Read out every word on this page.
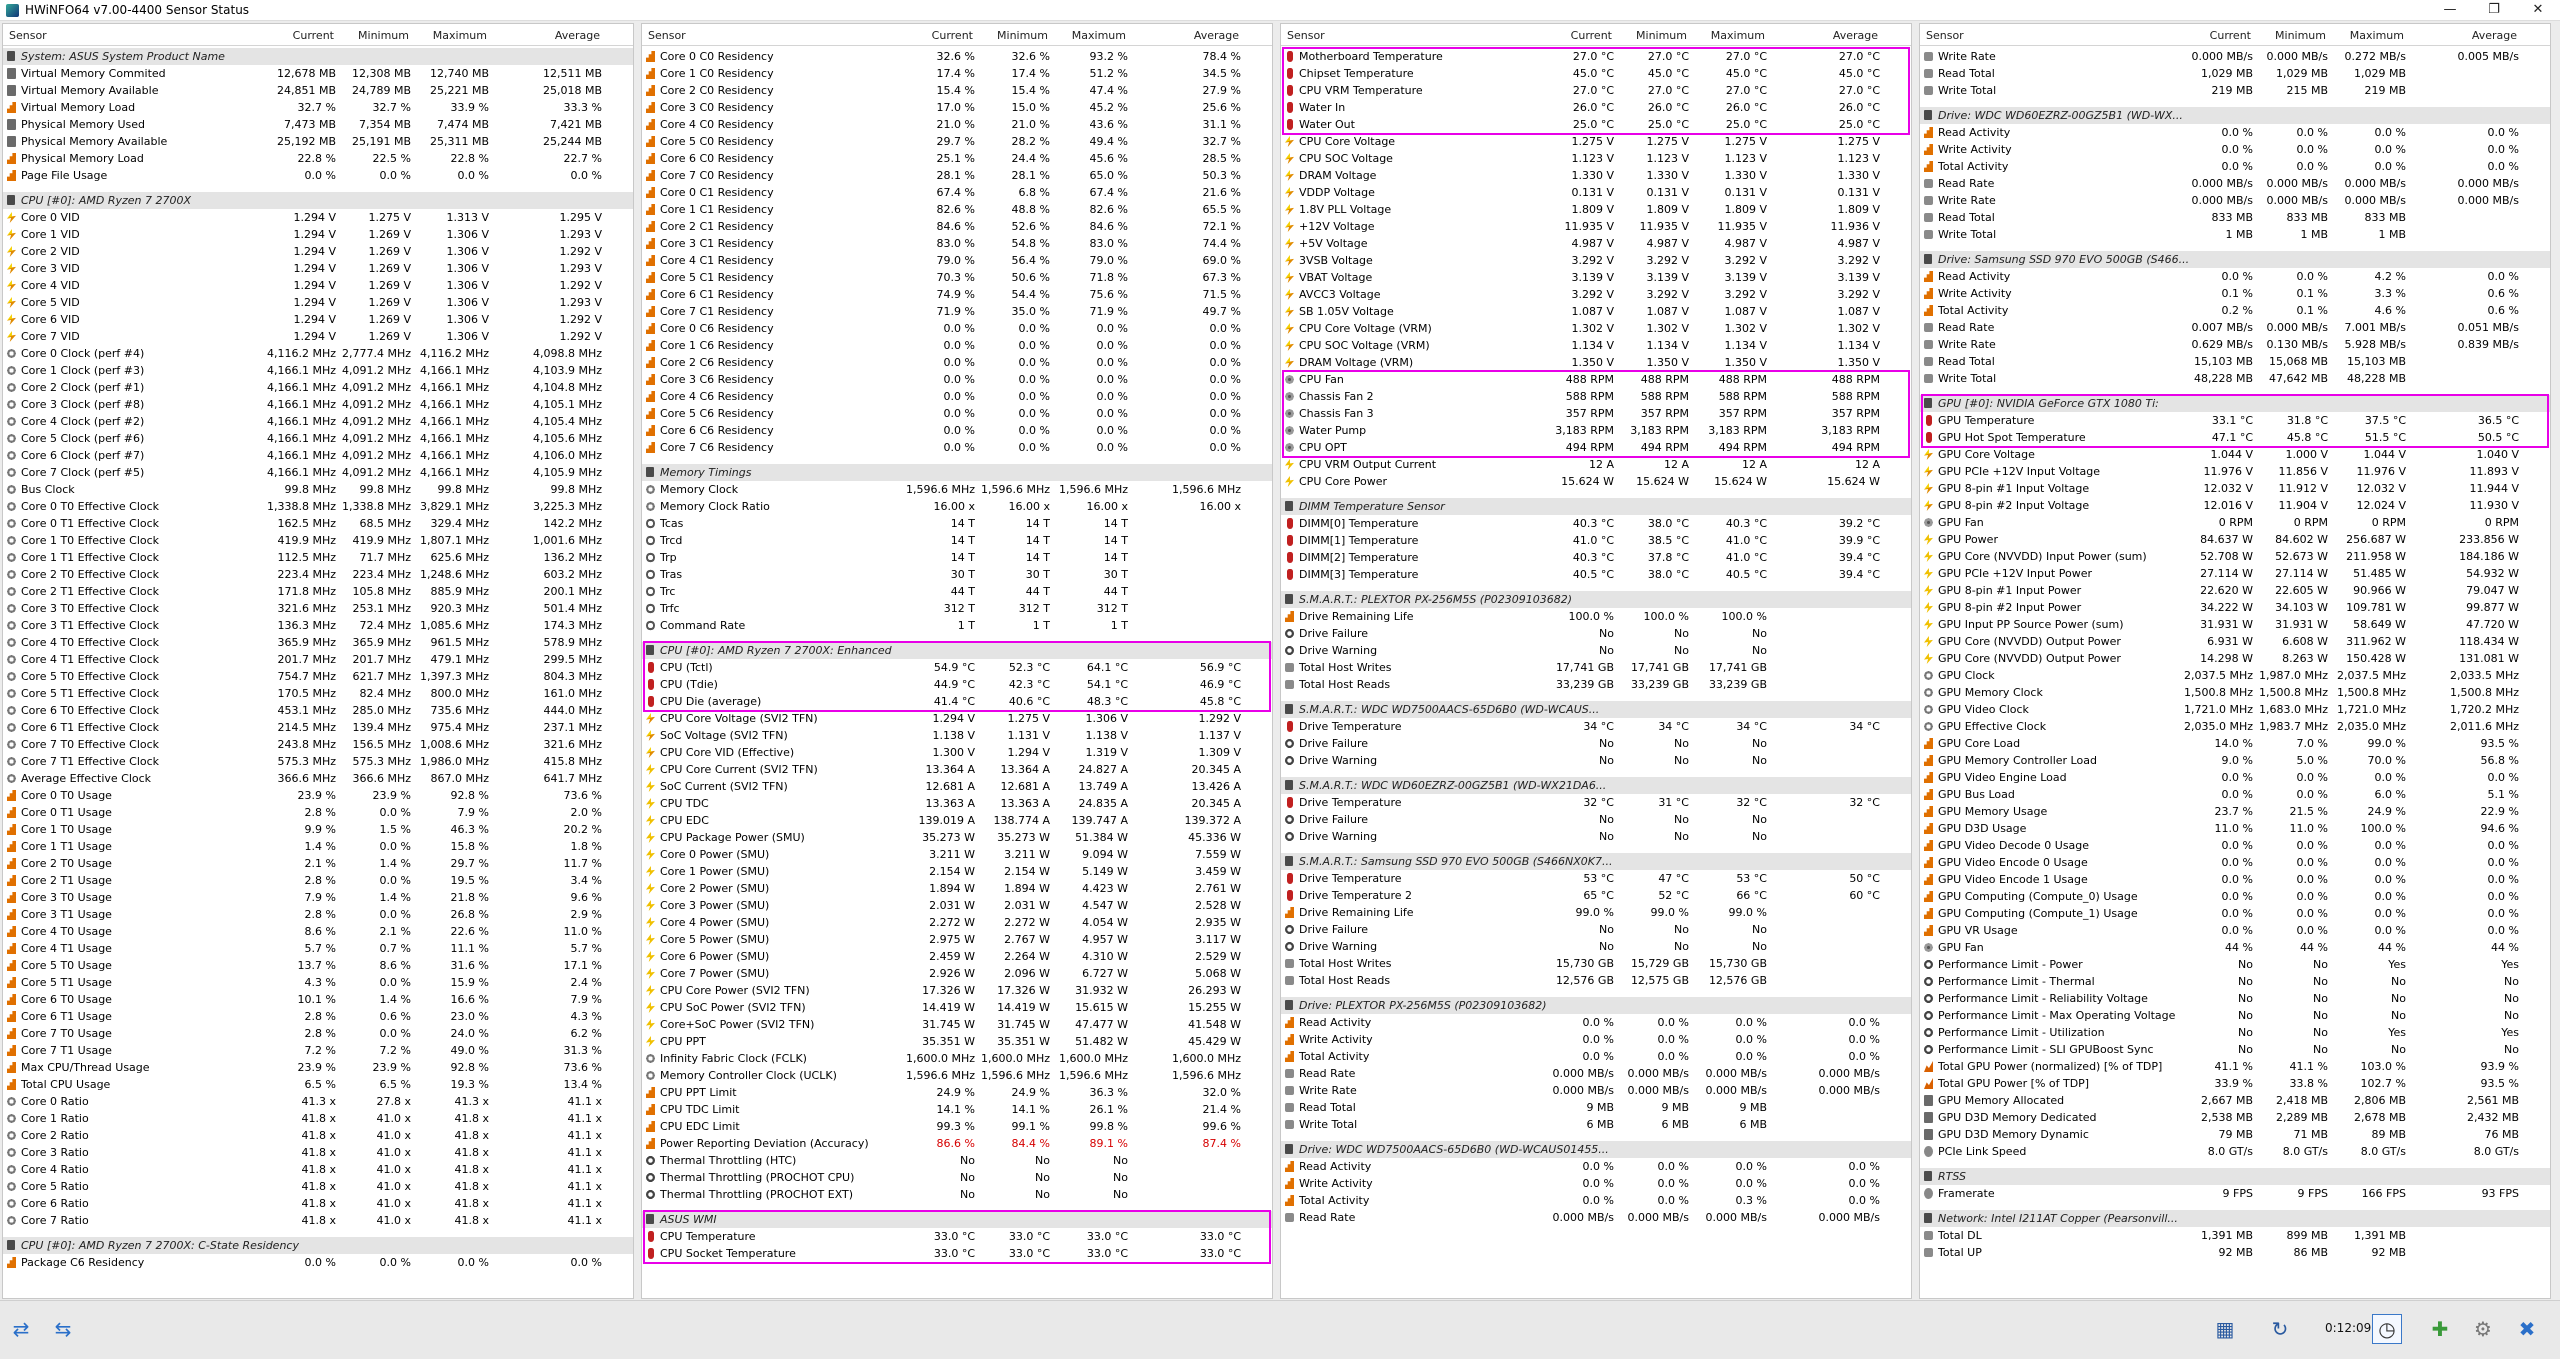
HWiNFO64 v7.00-4400 Sensor Status	—	❐	✕
Sensor	Current Minimum Maximum	Average
System: ASUS System Product Name
Virtual Memory Commited	12,678 MB 12,308 MB 12,740 MB	12,511 MB
Virtual Memory Available	24,851 MB 24,789 MB 25,221 MB	25,018 MB
Virtual Memory Load	32.7 %	32.7 %	33.9 %	33.3 %
Physical Memory Used	7,473 MB 7,354 MB 7,474 MB	7,421 MB
Physical Memory Available	25,192 MB 25,191 MB 25,311 MB	25,244 MB
Physical Memory Load	22.8 %	22.5 %	22.8 %	22.7 %
Page File Usage	0.0 %	0.0 %	0.0 %	0.0 %
CPU [#0]: AMD Ryzen 7 2700X
Core 0 VID	1.294 V	1.275 V	1.313 V	1.295 V
Core 1 VID	1.294 V	1.269 V	1.306 V	1.293 V
Core 2 VID	1.294 V	1.269 V	1.306 V	1.292 V
Core 3 VID	1.294 V	1.269 V	1.306 V	1.293 V
Core 4 VID	1.294 V	1.269 V	1.306 V	1.292 V
Core 5 VID	1.294 V	1.269 V	1.306 V	1.293 V
Core 6 VID	1.294 V	1.269 V	1.306 V	1.292 V
Core 7 VID	1.294 V	1.269 V	1.306 V	1.292 V
Core 0 Clock (perf #4)	4,116.2 MHz 2,777.4 MHz 4,116.2 MHz	4,098.8 MHz
Core 1 Clock (perf #3)	4,166.1 MHz 4,091.2 MHz 4,166.1 MHz	4,103.9 MHz
Core 2 Clock (perf #1)	4,166.1 MHz 4,091.2 MHz 4,166.1 MHz	4,104.8 MHz
Core 3 Clock (perf #8)	4,166.1 MHz 4,091.2 MHz 4,166.1 MHz	4,105.1 MHz
Core 4 Clock (perf #2)	4,166.1 MHz 4,091.2 MHz 4,166.1 MHz	4,105.4 MHz
Core 5 Clock (perf #6)	4,166.1 MHz 4,091.2 MHz 4,166.1 MHz	4,105.6 MHz
Core 6 Clock (perf #7)	4,166.1 MHz 4,091.2 MHz 4,166.1 MHz	4,106.0 MHz
Core 7 Clock (perf #5)	4,166.1 MHz 4,091.2 MHz 4,166.1 MHz	4,105.9 MHz
Bus Clock	99.8 MHz 99.8 MHz 99.8 MHz	99.8 MHz
Core 0 T0 Effective Clock	1,338.8 MHz 1,338.8 MHz 3,829.1 MHz	3,225.3 MHz
Core 0 T1 Effective Clock	162.5 MHz 68.5 MHz 329.4 MHz	142.2 MHz
Core 1 T0 Effective Clock	419.9 MHz 419.9 MHz 1,807.1 MHz	1,001.6 MHz
Core 1 T1 Effective Clock	112.5 MHz 71.7 MHz 625.6 MHz	136.2 MHz
Core 2 T0 Effective Clock	223.4 MHz 223.4 MHz 1,248.6 MHz	603.2 MHz
Core 2 T1 Effective Clock	171.8 MHz 105.8 MHz 885.9 MHz	200.1 MHz
Core 3 T0 Effective Clock	321.6 MHz 253.1 MHz 920.3 MHz	501.4 MHz
Core 3 T1 Effective Clock	136.3 MHz 72.4 MHz 1,085.6 MHz	174.3 MHz
Core 4 T0 Effective Clock	365.9 MHz 365.9 MHz 961.5 MHz	578.9 MHz
Core 4 T1 Effective Clock	201.7 MHz 201.7 MHz 479.1 MHz	299.5 MHz
Core 5 T0 Effective Clock	754.7 MHz 621.7 MHz 1,397.3 MHz	804.3 MHz
Core 5 T1 Effective Clock	170.5 MHz 82.4 MHz 800.0 MHz	161.0 MHz
Core 6 T0 Effective Clock	453.1 MHz 285.0 MHz 735.6 MHz	444.0 MHz
Core 6 T1 Effective Clock	214.5 MHz 139.4 MHz 975.4 MHz	237.1 MHz
Core 7 T0 Effective Clock	243.8 MHz 156.5 MHz 1,008.6 MHz	321.6 MHz
Core 7 T1 Effective Clock	575.3 MHz 575.3 MHz 1,986.0 MHz	415.8 MHz
Average Effective Clock	366.6 MHz 366.6 MHz 867.0 MHz	641.7 MHz
Core 0 T0 Usage	23.9 %	23.9 %	92.8 %	73.6 %
Core 0 T1 Usage	2.8 %	0.0 %	7.9 %	2.0 %
Core 1 T0 Usage	9.9 %	1.5 %	46.3 %	20.2 %
Core 1 T1 Usage	1.4 %	0.0 %	15.8 %	1.8 %
Core 2 T0 Usage	2.1 %	1.4 %	29.7 %	11.7 %
Core 2 T1 Usage	2.8 %	0.0 %	19.5 %	3.4 %
Core 3 T0 Usage	7.9 %	1.4 %	21.8 %	9.6 %
Core 3 T1 Usage	2.8 %	0.0 %	26.8 %	2.9 %
Core 4 T0 Usage	8.6 %	2.1 %	22.6 %	11.0 %
Core 4 T1 Usage	5.7 %	0.7 %	11.1 %	5.7 %
Core 5 T0 Usage	13.7 %	8.6 %	31.6 %	17.1 %
Core 5 T1 Usage	4.3 %	0.0 %	15.9 %	2.4 %
Core 6 T0 Usage	10.1 %	1.4 %	16.6 %	7.9 %
Core 6 T1 Usage	2.8 %	0.6 %	23.0 %	4.3 %
Core 7 T0 Usage	2.8 %	0.0 %	24.0 %	6.2 %
Core 7 T1 Usage	7.2 %	7.2 %	49.0 %	31.3 %
Max CPU/Thread Usage	23.9 %	23.9 %	92.8 %	73.6 %
Total CPU Usage	6.5 %	6.5 %	19.3 %	13.4 %
Core 0 Ratio	41.3 x	27.8 x	41.3 x	41.1 x
Core 1 Ratio	41.8 x	41.0 x	41.8 x	41.1 x
Core 2 Ratio	41.8 x	41.0 x	41.8 x	41.1 x
Core 3 Ratio	41.8 x	41.0 x	41.8 x	41.1 x
Core 4 Ratio	41.8 x	41.0 x	41.8 x	41.1 x
Core 5 Ratio	41.8 x	41.0 x	41.8 x	41.1 x
Core 6 Ratio	41.8 x	41.0 x	41.8 x	41.1 x
Core 7 Ratio	41.8 x	41.0 x	41.8 x	41.1 x
CPU [#0]: AMD Ryzen 7 2700X: C-State Residency
Package C6 Residency	0.0 %	0.0 %	0.0 %	0.0 %
Sensor	Current Minimum Maximum	Average
Core 0 C0 Residency	32.6 %	32.6 %	93.2 %	78.4 %
Core 1 C0 Residency	17.4 %	17.4 %	51.2 %	34.5 %
Core 2 C0 Residency	15.4 %	15.4 %	47.4 %	27.9 %
Core 3 C0 Residency	17.0 %	15.0 %	45.2 %	25.6 %
Core 4 C0 Residency	21.0 %	21.0 %	43.6 %	31.1 %
Core 5 C0 Residency	29.7 %	28.2 %	49.4 %	32.7 %
Core 6 C0 Residency	25.1 %	24.4 %	45.6 %	28.5 %
Core 7 C0 Residency	28.1 %	28.1 %	65.0 %	50.3 %
Core 0 C1 Residency	67.4 %	6.8 %	67.4 %	21.6 %
Core 1 C1 Residency	82.6 %	48.8 %	82.6 %	65.5 %
Core 2 C1 Residency	84.6 %	52.6 %	84.6 %	72.1 %
Core 3 C1 Residency	83.0 %	54.8 %	83.0 %	74.4 %
Core 4 C1 Residency	79.0 %	56.4 %	79.0 %	69.0 %
Core 5 C1 Residency	70.3 %	50.6 %	71.8 %	67.3 %
Core 6 C1 Residency	74.9 %	54.4 %	75.6 %	71.5 %
Core 7 C1 Residency	71.9 %	35.0 %	71.9 %	49.7 %
Core 0 C6 Residency	0.0 %	0.0 %	0.0 %	0.0 %
Core 1 C6 Residency	0.0 %	0.0 %	0.0 %	0.0 %
Core 2 C6 Residency	0.0 %	0.0 %	0.0 %	0.0 %
Core 3 C6 Residency	0.0 %	0.0 %	0.0 %	0.0 %
Core 4 C6 Residency	0.0 %	0.0 %	0.0 %	0.0 %
Core 5 C6 Residency	0.0 %	0.0 %	0.0 %	0.0 %
Core 6 C6 Residency	0.0 %	0.0 %	0.0 %	0.0 %
Core 7 C6 Residency	0.0 %	0.0 %	0.0 %	0.0 %
Memory Timings
Memory Clock	1,596.6 MHz 1,596.6 MHz 1,596.6 MHz	1,596.6 MHz
Memory Clock Ratio	16.00 x	16.00 x	16.00 x	16.00 x
Tcas	14 T	14 T	14 T
Trcd	14 T	14 T	14 T
Trp	14 T	14 T	14 T
Tras	30 T	30 T	30 T
Trc	44 T	44 T	44 T
Trfc	312 T	312 T	312 T
Command Rate	1 T	1 T	1 T
CPU [#0]: AMD Ryzen 7 2700X: Enhanced
CPU (Tctl)	54.9 °C	52.3 °C	64.1 °C	56.9 °C
CPU (Tdie)	44.9 °C	42.3 °C	54.1 °C	46.9 °C
CPU Die (average)	41.4 °C	40.6 °C	48.3 °C	45.8 °C
CPU Core Voltage (SVI2 TFN)	1.294 V	1.275 V	1.306 V	1.292 V
SoC Voltage (SVI2 TFN)	1.138 V	1.131 V	1.138 V	1.137 V
CPU Core VID (Effective)	1.300 V	1.294 V	1.319 V	1.309 V
CPU Core Current (SVI2 TFN)	13.364 A 13.364 A	24.827 A	20.345 A
SoC Current (SVI2 TFN)	12.681 A 12.681 A	13.749 A	13.426 A
CPU TDC	13.363 A 13.363 A	24.835 A	20.345 A
CPU EDC	139.019 A 138.774 A 139.747 A	139.372 A
CPU Package Power (SMU)	35.273 W 35.273 W 51.384 W	45.336 W
Core 0 Power (SMU)	3.211 W	3.211 W	9.094 W	7.559 W
Core 1 Power (SMU)	2.154 W	2.154 W	5.149 W	3.459 W
Core 2 Power (SMU)	1.894 W	1.894 W	4.423 W	2.761 W
Core 3 Power (SMU)	2.031 W	2.031 W	4.547 W	2.528 W
Core 4 Power (SMU)	2.272 W	2.272 W	4.054 W	2.935 W
Core 5 Power (SMU)	2.975 W	2.767 W	4.957 W	3.117 W
Core 6 Power (SMU)	2.459 W	2.264 W	4.310 W	2.529 W
Core 7 Power (SMU)	2.926 W	2.096 W	6.727 W	5.068 W
CPU Core Power (SVI2 TFN)	17.326 W 17.326 W 31.932 W	26.293 W
CPU SoC Power (SVI2 TFN)	14.419 W 14.419 W 15.615 W	15.255 W
Core+SoC Power (SVI2 TFN)	31.745 W 31.745 W 47.477 W	41.548 W
CPU PPT	35.351 W 35.351 W 51.482 W	45.429 W
Infinity Fabric Clock (FCLK)	1,600.0 MHz 1,600.0 MHz 1,600.0 MHz	1,600.0 MHz
Memory Controller Clock (UCLK)	1,596.6 MHz 1,596.6 MHz 1,596.6 MHz	1,596.6 MHz
CPU PPT Limit	24.9 %	24.9 %	36.3 %	32.0 %
CPU TDC Limit	14.1 %	14.1 %	26.1 %	21.4 %
CPU EDC Limit	99.3 %	99.1 %	99.8 %	99.6 %
Power Reporting Deviation (Accuracy)	86.6 %	84.4 %	89.1 %	87.4 %
Thermal Throttling (HTC)	No	No	No
Thermal Throttling (PROCHOT CPU)	No	No	No
Thermal Throttling (PROCHOT EXT)	No	No	No
ASUS WMI
CPU Temperature	33.0 °C	33.0 °C	33.0 °C	33.0 °C
CPU Socket Temperature	33.0 °C	33.0 °C	33.0 °C	33.0 °C
Sensor	Current Minimum Maximum	Average
Motherboard Temperature	27.0 °C	27.0 °C	27.0 °C	27.0 °C
Chipset Temperature	45.0 °C	45.0 °C	45.0 °C	45.0 °C
CPU VRM Temperature	27.0 °C	27.0 °C	27.0 °C	27.0 °C
Water In	26.0 °C	26.0 °C	26.0 °C	26.0 °C
Water Out	25.0 °C	25.0 °C	25.0 °C	25.0 °C
CPU Core Voltage	1.275 V	1.275 V	1.275 V	1.275 V
CPU SOC Voltage	1.123 V	1.123 V	1.123 V	1.123 V
DRAM Voltage	1.330 V	1.330 V	1.330 V	1.330 V
VDDP Voltage	0.131 V	0.131 V	0.131 V	0.131 V
1.8V PLL Voltage	1.809 V	1.809 V	1.809 V	1.809 V
+12V Voltage	11.935 V 11.935 V	11.935 V	11.936 V
+5V Voltage	4.987 V	4.987 V	4.987 V	4.987 V
3VSB Voltage	3.292 V	3.292 V	3.292 V	3.292 V
VBAT Voltage	3.139 V	3.139 V	3.139 V	3.139 V
AVCC3 Voltage	3.292 V	3.292 V	3.292 V	3.292 V
SB 1.05V Voltage	1.087 V	1.087 V	1.087 V	1.087 V
CPU Core Voltage (VRM)	1.302 V	1.302 V	1.302 V	1.302 V
CPU SOC Voltage (VRM)	1.134 V	1.134 V	1.134 V	1.134 V
DRAM Voltage (VRM)	1.350 V	1.350 V	1.350 V	1.350 V
CPU Fan	488 RPM 488 RPM	488 RPM	488 RPM
Chassis Fan 2	588 RPM 588 RPM	588 RPM	588 RPM
Chassis Fan 3	357 RPM 357 RPM	357 RPM	357 RPM
Water Pump	3,183 RPM 3,183 RPM 3,183 RPM	3,183 RPM
CPU OPT	494 RPM 494 RPM	494 RPM	494 RPM
CPU VRM Output Current	12 A	12 A	12 A	12 A
CPU Core Power	15.624 W 15.624 W 15.624 W	15.624 W
DIMM Temperature Sensor
DIMM[0] Temperature	40.3 °C	38.0 °C	40.3 °C	39.2 °C
DIMM[1] Temperature	41.0 °C	38.5 °C	41.0 °C	39.9 °C
DIMM[2] Temperature	40.3 °C	37.8 °C	41.0 °C	39.4 °C
DIMM[3] Temperature	40.5 °C	38.0 °C	40.5 °C	39.4 °C
S.M.A.R.T.: PLEXTOR PX-256M5S (P02309103682)
Drive Remaining Life	100.0 %	100.0 %	100.0 %
Drive Failure	No	No	No
Drive Warning	No	No	No
Total Host Writes	17,741 GB 17,741 GB 17,741 GB
Total Host Reads	33,239 GB 33,239 GB 33,239 GB
S.M.A.R.T.: WDC WD7500AACS-65D6B0 (WD-WCAUS...
Drive Temperature	34 °C	34 °C	34 °C	34 °C
Drive Failure	No	No	No
Drive Warning	No	No	No
S.M.A.R.T.: WDC WD60EZRZ-00GZ5B1 (WD-WX21DA6...
Drive Temperature	32 °C	31 °C	32 °C	32 °C
Drive Failure	No	No	No
Drive Warning	No	No	No
S.M.A.R.T.: Samsung SSD 970 EVO 500GB (S466NX0K7...
Drive Temperature	53 °C	47 °C	53 °C	50 °C
Drive Temperature 2	65 °C	52 °C	66 °C	60 °C
Drive Remaining Life	99.0 %	99.0 %	99.0 %
Drive Failure	No	No	No
Drive Warning	No	No	No
Total Host Writes	15,730 GB 15,729 GB 15,730 GB
Total Host Reads	12,576 GB 12,575 GB 12,576 GB
Drive: PLEXTOR PX-256M5S (P02309103682)
Read Activity	0.0 %	0.0 %	0.0 %	0.0 %
Write Activity	0.0 %	0.0 %	0.0 %	0.0 %
Total Activity	0.0 %	0.0 %	0.0 %	0.0 %
Read Rate	0.000 MB/s 0.000 MB/s 0.000 MB/s	0.000 MB/s
Write Rate	0.000 MB/s 0.000 MB/s 0.000 MB/s	0.000 MB/s
Read Total	9 MB	9 MB	9 MB
Write Total	6 MB	6 MB	6 MB
Drive: WDC WD7500AACS-65D6B0 (WD-WCAUS01455...
Read Activity	0.0 %	0.0 %	0.0 %	0.0 %
Write Activity	0.0 %	0.0 %	0.0 %	0.0 %
Total Activity	0.0 %	0.0 %	0.3 %	0.0 %
Read Rate	0.000 MB/s 0.000 MB/s 0.000 MB/s	0.000 MB/s
Sensor	Current Minimum Maximum	Average
Write Rate	0.000 MB/s 0.000 MB/s 0.272 MB/s	0.005 MB/s
Read Total	1,029 MB 1,029 MB 1,029 MB
Write Total	219 MB	215 MB	219 MB
Drive: WDC WD60EZRZ-00GZ5B1 (WD-WX...
Read Activity	0.0 %	0.0 %	0.0 %	0.0 %
Write Activity	0.0 %	0.0 %	0.0 %	0.0 %
Total Activity	0.0 %	0.0 %	0.0 %	0.0 %
Read Rate	0.000 MB/s 0.000 MB/s 0.000 MB/s	0.000 MB/s
Write Rate	0.000 MB/s 0.000 MB/s 0.000 MB/s	0.000 MB/s
Read Total	833 MB	833 MB	833 MB
Write Total	1 MB	1 MB	1 MB
Drive: Samsung SSD 970 EVO 500GB (S466...
Read Activity	0.0 %	0.0 %	4.2 %	0.0 %
Write Activity	0.1 %	0.1 %	3.3 %	0.6 %
Total Activity	0.2 %	0.1 %	4.6 %	0.6 %
Read Rate	0.007 MB/s 0.000 MB/s 7.001 MB/s	0.051 MB/s
Write Rate	0.629 MB/s 0.130 MB/s 5.928 MB/s	0.839 MB/s
Read Total	15,103 MB 15,068 MB 15,103 MB
Write Total	48,228 MB 47,642 MB 48,228 MB
GPU [#0]: NVIDIA GeForce GTX 1080 Ti:
GPU Temperature	33.1 °C	31.8 °C	37.5 °C	36.5 °C
GPU Hot Spot Temperature	47.1 °C	45.8 °C	51.5 °C	50.5 °C
GPU Core Voltage	1.044 V	1.000 V	1.044 V	1.040 V
GPU PCIe +12V Input Voltage	11.976 V 11.856 V	11.976 V	11.893 V
GPU 8-pin #1 Input Voltage	12.032 V 11.912 V	12.032 V	11.944 V
GPU 8-pin #2 Input Voltage	12.016 V 11.904 V	12.024 V	11.930 V
GPU Fan	0 RPM	0 RPM	0 RPM	0 RPM
GPU Power	84.637 W 84.602 W 256.687 W	233.856 W
GPU Core (NVVDD) Input Power (sum)	52.708 W 52.673 W 211.958 W	184.186 W
GPU PCIe +12V Input Power	27.114 W 27.114 W 51.485 W	54.932 W
GPU 8-pin #1 Input Power	22.620 W 22.605 W 90.966 W	79.047 W
GPU 8-pin #2 Input Power	34.222 W 34.103 W 109.781 W	99.877 W
GPU Input PP Source Power (sum)	31.931 W 31.931 W 58.649 W	47.720 W
GPU Core (NVVDD) Output Power	6.931 W	6.608 W 311.962 W	118.434 W
GPU Core (NVVDD) Output Power	14.298 W	8.263 W 150.428 W	131.081 W
GPU Clock	2,037.5 MHz 1,987.0 MHz 2,037.5 MHz	2,033.5 MHz
GPU Memory Clock	1,500.8 MHz 1,500.8 MHz 1,500.8 MHz	1,500.8 MHz
GPU Video Clock	1,721.0 MHz 1,683.0 MHz 1,721.0 MHz	1,720.2 MHz
GPU Effective Clock	2,035.0 MHz 1,983.7 MHz 2,035.0 MHz	2,011.6 MHz
GPU Core Load	14.0 %	7.0 %	99.0 %	93.5 %
GPU Memory Controller Load	9.0 %	5.0 %	70.0 %	56.8 %
GPU Video Engine Load	0.0 %	0.0 %	0.0 %	0.0 %
GPU Bus Load	0.0 %	0.0 %	6.0 %	5.1 %
GPU Memory Usage	23.7 %	21.5 %	24.9 %	22.9 %
GPU D3D Usage	11.0 %	11.0 %	100.0 %	94.6 %
GPU Video Decode 0 Usage	0.0 %	0.0 %	0.0 %	0.0 %
GPU Video Encode 0 Usage	0.0 %	0.0 %	0.0 %	0.0 %
GPU Video Encode 1 Usage	0.0 %	0.0 %	0.0 %	0.0 %
GPU Computing (Compute_0) Usage	0.0 %	0.0 %	0.0 %	0.0 %
GPU Computing (Compute_1) Usage	0.0 %	0.0 %	0.0 %	0.0 %
GPU VR Usage	0.0 %	0.0 %	0.0 %	0.0 %
GPU Fan	44 %	44 %	44 %	44 %
Performance Limit - Power	No	No	Yes	Yes
Performance Limit - Thermal	No	No	No	No
Performance Limit - Reliability Voltage	No	No	No	No
Performance Limit - Max Operating Voltage	No	No	No	No
Performance Limit - Utilization	No	No	Yes	Yes
Performance Limit - SLI GPUBoost Sync	No	No	No	No
Total GPU Power (normalized) [% of TDP]	41.1 %	41.1 %	103.0 %	93.9 %
Total GPU Power [% of TDP]	33.9 %	33.8 %	102.7 %	93.5 %
GPU Memory Allocated	2,667 MB 2,418 MB 2,806 MB	2,561 MB
GPU D3D Memory Dedicated	2,538 MB 2,289 MB 2,678 MB	2,432 MB
GPU D3D Memory Dynamic	79 MB	71 MB	89 MB	76 MB
PCIe Link Speed	8.0 GT/s	8.0 GT/s	8.0 GT/s	8.0 GT/s
RTSS
Framerate	9 FPS	9 FPS	166 FPS	93 FPS
Network: Intel I211AT Copper (Pearsonvill...
Total DL	1,391 MB	899 MB 1,391 MB
Total UP	92 MB	86 MB	92 MB
⇄	⇆	▦	↻	0:12:09 ◷	✚	⚙	✖
